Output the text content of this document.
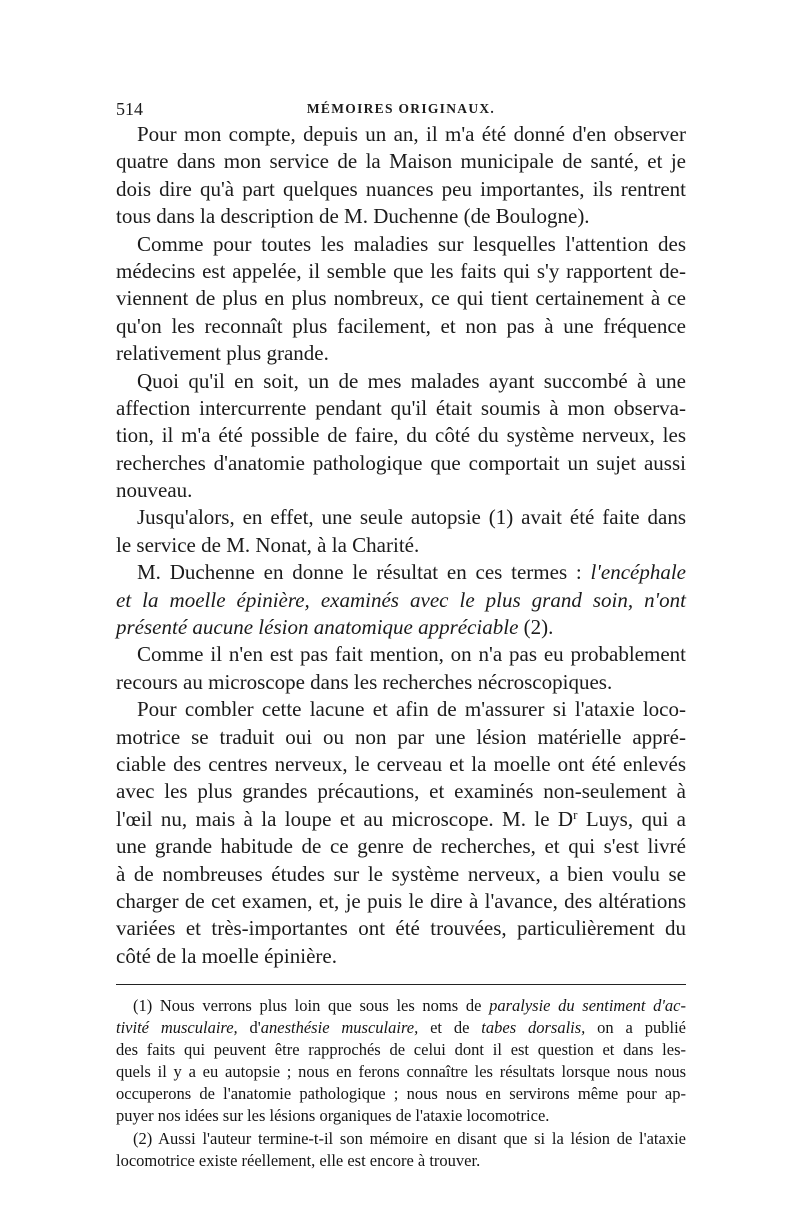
514	MÉMOIRES ORIGINAUX.
Pour mon compte, depuis un an, il m'a été donné d'en observer
quatre dans mon service de la Maison municipale de santé, et je
dois dire qu'à part quelques nuances peu importantes, ils rentrent
tous dans la description de M. Duchenne (de Boulogne).
Comme pour toutes les maladies sur lesquelles l'attention des
médecins est appelée, il semble que les faits qui s'y rapportent de-
viennent de plus en plus nombreux, ce qui tient certainement à ce
qu'on les reconnaît plus facilement, et non pas à une fréquence
relativement plus grande.
Quoi qu'il en soit, un de mes malades ayant succombé à une
affection intercurrente pendant qu'il était soumis à mon observa-
tion, il m'a été possible de faire, du côté du système nerveux, les
recherches d'anatomie pathologique que comportait un sujet aussi
nouveau.
Jusqu'alors, en effet, une seule autopsie (1) avait été faite dans
le service de M. Nonat, à la Charité.
M. Duchenne en donne le résultat en ces termes : l'encéphale
et la moelle épinière, examinés avec le plus grand soin, n'ont
présenté aucune lésion anatomique appréciable (2).
Comme il n'en est pas fait mention, on n'a pas eu probablement
recours au microscope dans les recherches nécroscopiques.
Pour combler cette lacune et afin de m'assurer si l'ataxie loco-
motrice se traduit oui ou non par une lésion matérielle appré-
ciable des centres nerveux, le cerveau et la moelle ont été enlevés
avec les plus grandes précautions, et examinés non-seulement à
l'œil nu, mais à la loupe et au microscope. M. le $D^r$ Luys, qui a
une grande habitude de ce genre de recherches, et qui s'est livré
à de nombreuses études sur le système nerveux, a bien voulu se
charger de cet examen, et, je puis le dire à l'avance, des altérations
variées et très-importantes ont été trouvées, particulièrement du
côté de la moelle épinière.
(1) Nous verrons plus loin que sous les noms de paralysie du sentiment d'ac-
tivité musculaire, d'anesthésie musculaire, et de tabes dorsalis, on a publié
des faits qui peuvent être rapprochés de celui dont il est question et dans les-
quels il y a eu autopsie ; nous en ferons connaître les résultats lorsque nous nous
occuperons de l'anatomie pathologique ; nous nous en servirons même pour ap-
puyer nos idées sur les lésions organiques de l'ataxie locomotrice.
(2) Aussi l'auteur termine-t-il son mémoire en disant que si la lésion de l'ataxie
locomotrice existe réellement, elle est encore à trouver.
